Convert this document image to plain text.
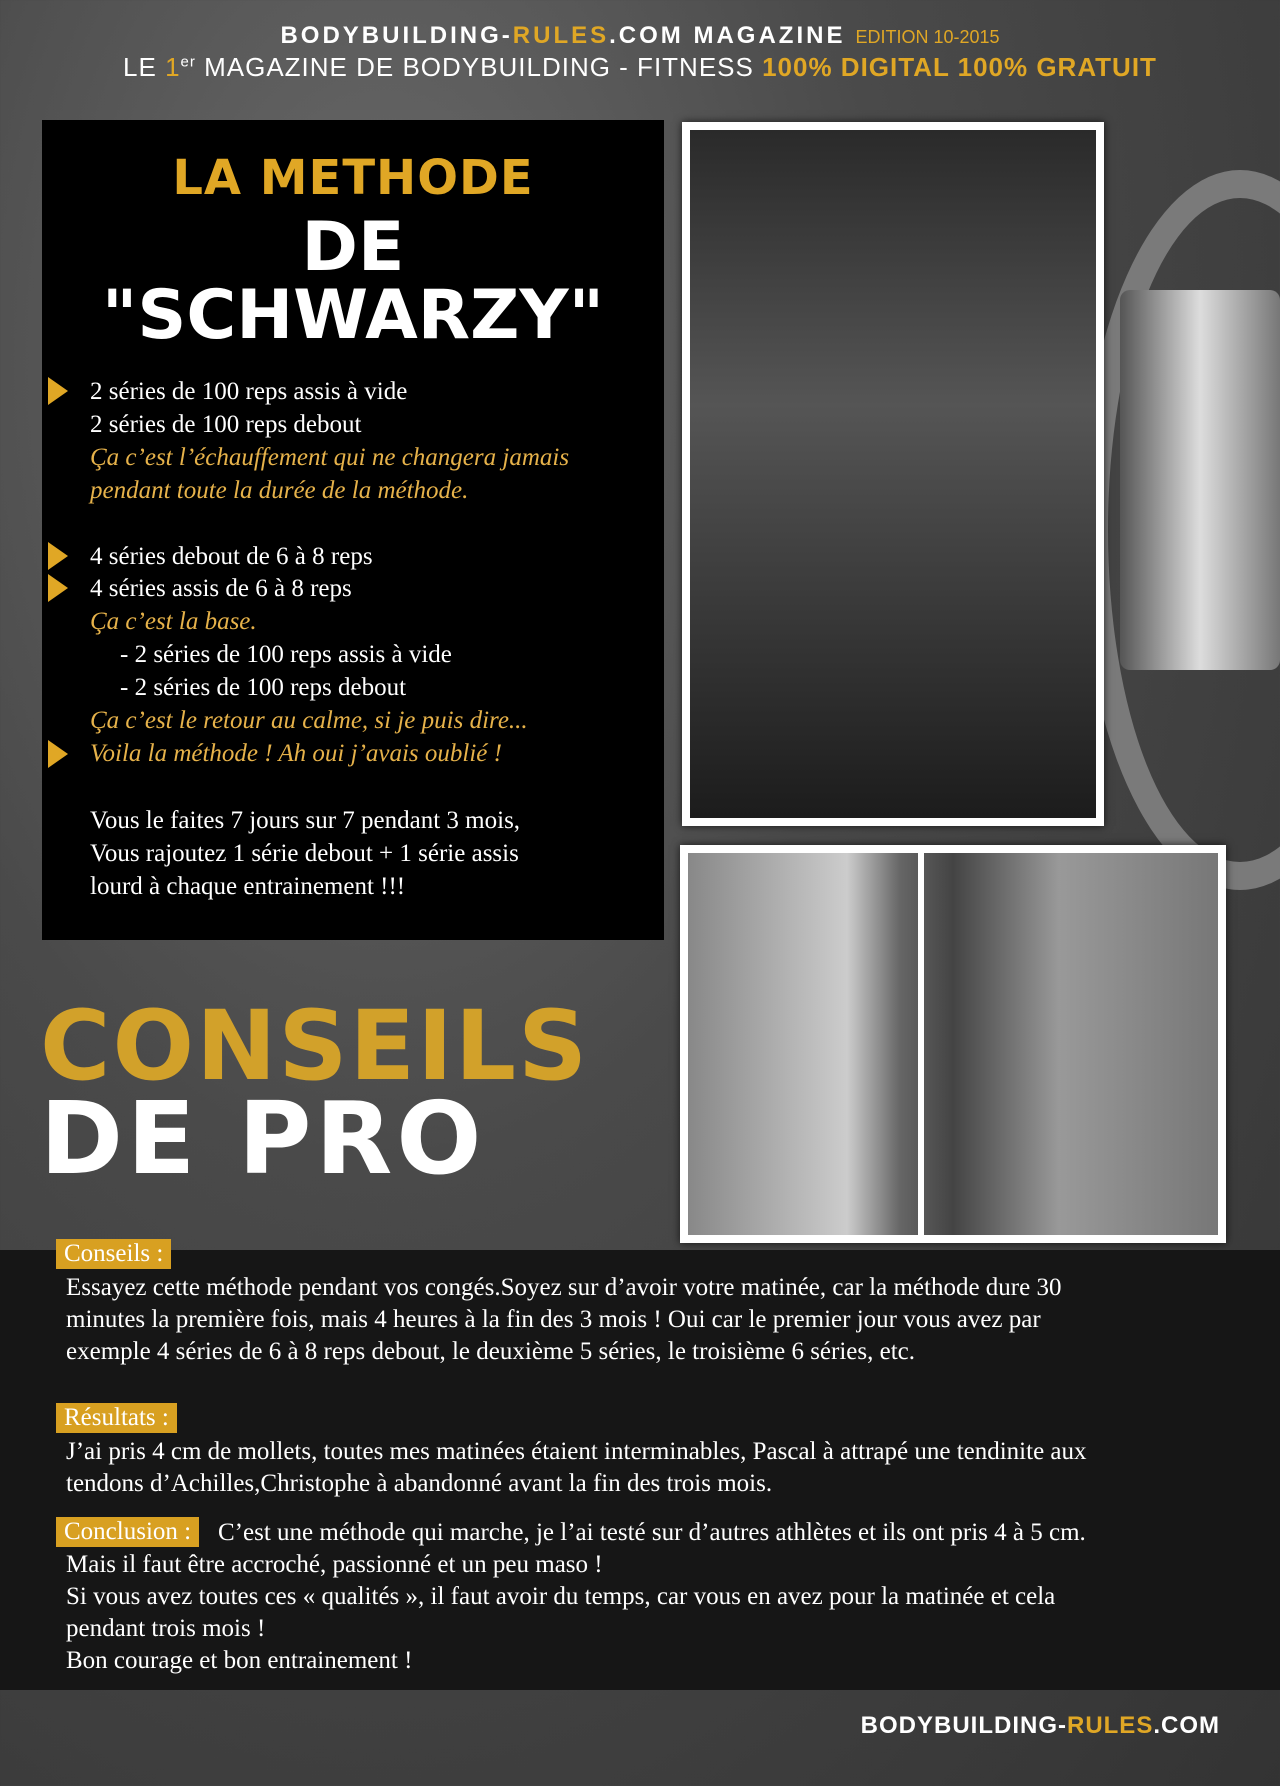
BODYBUILDING-RULES.COM MAGAZINE EDITION 10-2015
LE 1er MAGAZINE DE BODYBUILDING - FITNESS 100% DIGITAL 100% GRATUIT
LA METHODE
DE
"SCHWARZY"
2 séries de 100 reps assis à vide
2 séries de 100 reps debout
Ça c’est l’échauffement qui ne changera jamais
pendant toute la durée de la méthode.
4 séries debout de 6 à 8 reps
4 séries assis de 6 à 8 reps
Ça c’est la base.
- 2 séries de 100 reps assis à vide
- 2 séries de 100 reps debout
Ça c’est le retour au calme, si je puis dire...
Voila la méthode ! Ah oui j’avais oublié !
Vous le faites 7 jours sur 7 pendant 3 mois,
Vous rajoutez 1 série debout + 1 série assis
lourd à chaque entrainement !!!
CONSEILS
DE PRO
Conseils :
Essayez cette méthode pendant vos congés.Soyez sur d’avoir votre matinée, car la méthode dure 30
minutes la première fois, mais 4 heures à la fin des 3 mois ! Oui car le premier jour vous avez par
exemple 4 séries de 6 à 8 reps debout, le deuxième 5 séries, le troisième 6 séries, etc.
Résultats :
J’ai pris 4 cm de mollets, toutes mes matinées étaient interminables, Pascal à attrapé une tendinite aux
tendons d’Achilles,Christophe à abandonné avant la fin des trois mois.
Conclusion :	C’est une méthode qui marche, je l’ai testé sur d’autres athlètes et ils ont pris 4 à 5 cm.
Mais il faut être accroché, passionné et un peu maso !
Si vous avez toutes ces « qualités », il faut avoir du temps, car vous en avez pour la matinée et cela
pendant trois mois !
Bon courage et bon entrainement !
BODYBUILDING-RULES.COM
